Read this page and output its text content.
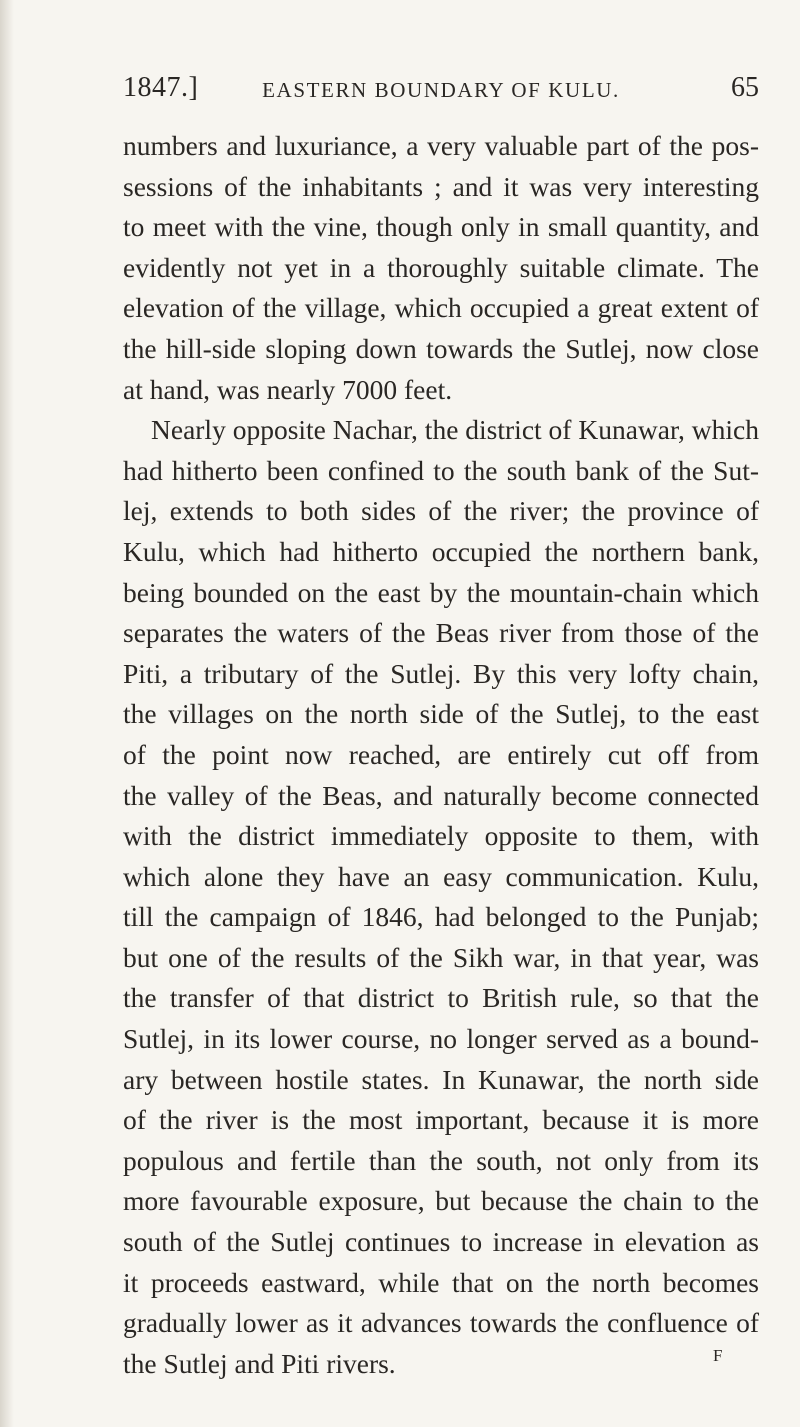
1847.]	EASTERN BOUNDARY OF KULU.	65
numbers and luxuriance, a very valuable part of the pos-
sessions of the inhabitants ; and it was very interesting
to meet with the vine, though only in small quantity, and
evidently not yet in a thoroughly suitable climate. The
elevation of the village, which occupied a great extent of
the hill-side sloping down towards the Sutlej, now close
at hand, was nearly 7000 feet.
Nearly opposite Nachar, the district of Kunawar, which
had hitherto been confined to the south bank of the Sut-
lej, extends to both sides of the river; the province of
Kulu, which had hitherto occupied the northern bank,
being bounded on the east by the mountain-chain which
separates the waters of the Beas river from those of the
Piti, a tributary of the Sutlej. By this very lofty chain,
the villages on the north side of the Sutlej, to the east
of the point now reached, are entirely cut off from
the valley of the Beas, and naturally become connected
with the district immediately opposite to them, with
which alone they have an easy communication. Kulu,
till the campaign of 1846, had belonged to the Punjab;
but one of the results of the Sikh war, in that year, was
the transfer of that district to British rule, so that the
Sutlej, in its lower course, no longer served as a bound-
ary between hostile states. In Kunawar, the north side
of the river is the most important, because it is more
populous and fertile than the south, not only from its
more favourable exposure, but because the chain to the
south of the Sutlej continues to increase in elevation as
it proceeds eastward, while that on the north becomes
gradually lower as it advances towards the confluence of
the Sutlej and Piti rivers.	F
